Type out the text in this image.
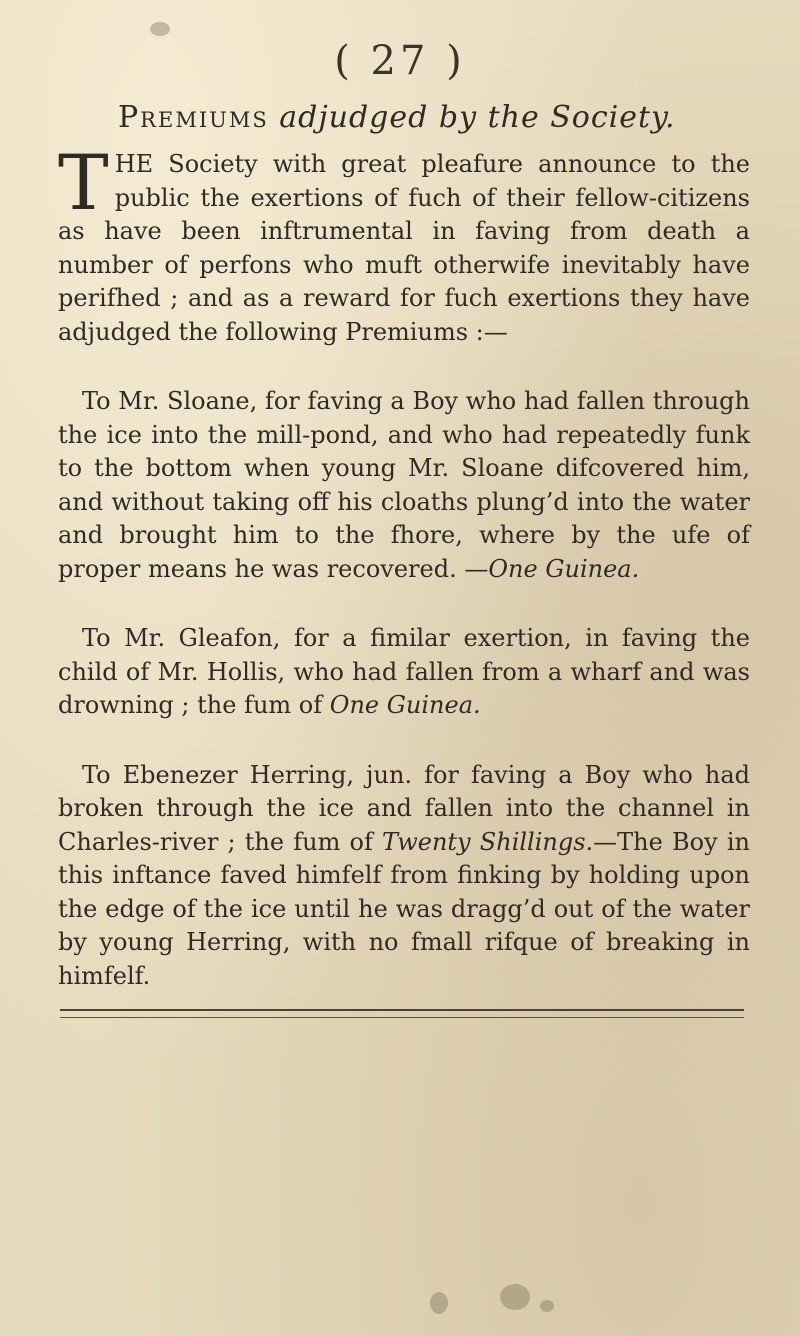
( 27 )
Premiums adjudged by the Society.

THE Society with great pleafure announce to the public the exertions of fuch of their fellow-citizens as have been inftrumental in faving from death a number of perfons who muft otherwife inevitably have perifhed ; and as a reward for fuch exertions they have adjudged the following Premiums :—

To Mr. Sloane, for faving a Boy who had fallen through the ice into the mill-pond, and who had repeatedly funk to the bottom when young Mr. Sloane difcovered him, and without taking off his cloaths plung’d into the water and brought him to the fhore, where by the ufe of proper means he was recovered. —One Guinea.

To Mr. Gleafon, for a fimilar exertion, in faving the child of Mr. Hollis, who had fallen from a wharf and was drowning ; the fum of One Guinea.

To Ebenezer Herring, jun. for faving a Boy who had broken through the ice and fallen into the channel in Charles-river ; the fum of Twenty Shillings.—The Boy in this inftance faved himfelf from finking by holding upon the edge of the ice until he was dragg’d out of the water by young Herring, with no fmall rifque of breaking in himfelf.
